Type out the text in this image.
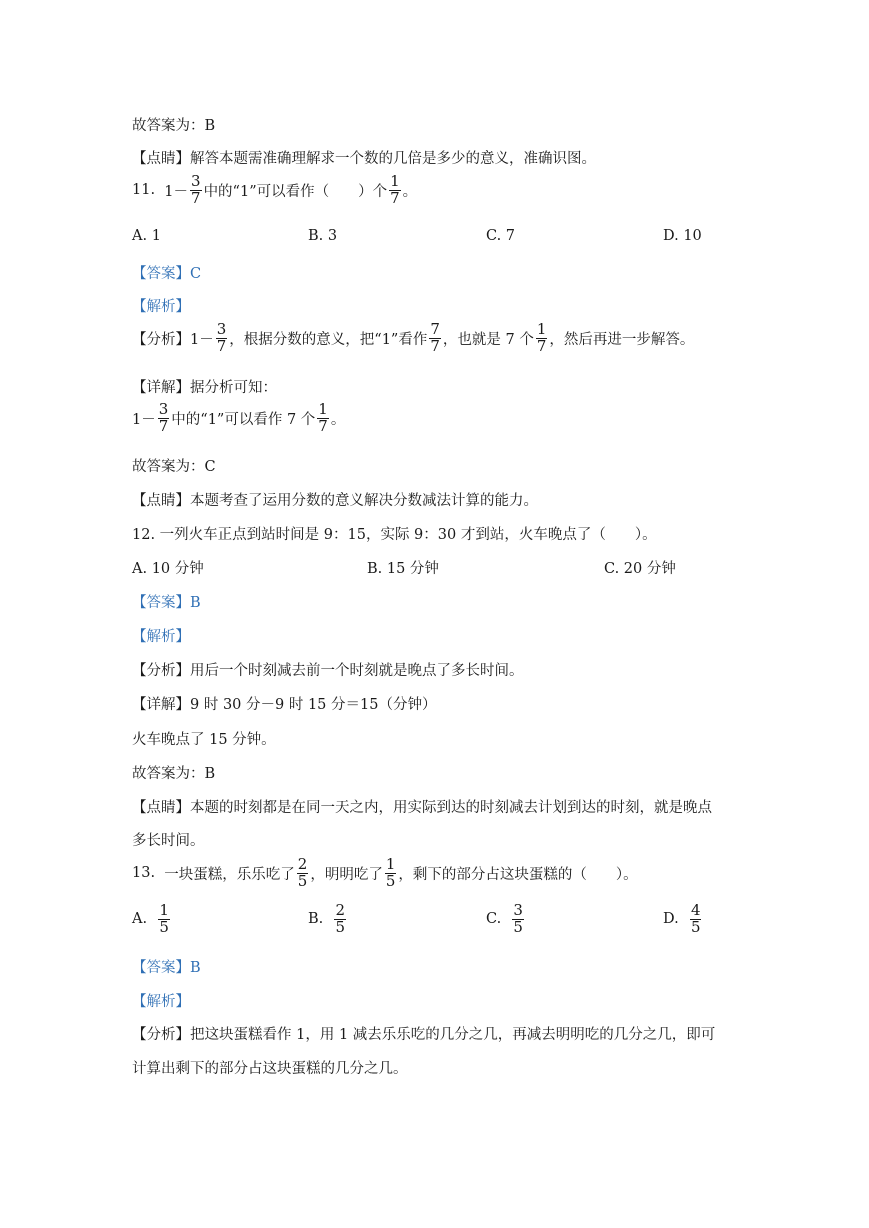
故答案为：B
【点睛】解答本题需准确理解求一个数的几倍是多少的意义，准确识图。
11. $1- \frac{3}{7}$ 中的“1”可以看作（　　）个 $\frac{1}{7}$ 。
A. 1	B. 3	C. 7	D. 10
【答案】C
【解析】
【分析】$1- \frac{3}{7}$ ，根据分数的意义，把“1”看作 $\frac{7}{7}$ ，也就是 7 个 $\frac{1}{7}$ ，然后再进一步解答。
【详解】据分析可知：
$1- \frac{3}{7}$ 中的“1”可以看作 7 个 $\frac{1}{7}$ 。
故答案为：C
【点睛】本题考查了运用分数的意义解决分数减法计算的能力。
12. 一列火车正点到站时间是 9：15，实际 9：30 才到站，火车晚点了（　　）。
A. 10 分钟	B. 15 分钟	C. 20 分钟
【答案】B
【解析】
【分析】用后一个时刻减去前一个时刻就是晚点了多长时间。
【详解】9 时 30 分－9 时 15 分＝15（分钟）
火车晚点了 15 分钟。
故答案为：B
【点睛】本题的时刻都是在同一天之内，用实际到达的时刻减去计划到达的时刻，就是晚点
多长时间。
13. 一块蛋糕，乐乐吃了 $\frac{2}{5}$ ，明明吃了 $\frac{1}{5}$ ，剩下的部分占这块蛋糕的（　　）。
A. $\frac{1}{5}$	B. $\frac{2}{5}$	C. $\frac{3}{5}$	D. $\frac{4}{5}$
【答案】B
【解析】
【分析】把这块蛋糕看作 1，用 1 减去乐乐吃的几分之几，再减去明明吃的几分之几，即可
计算出剩下的部分占这块蛋糕的几分之几。
